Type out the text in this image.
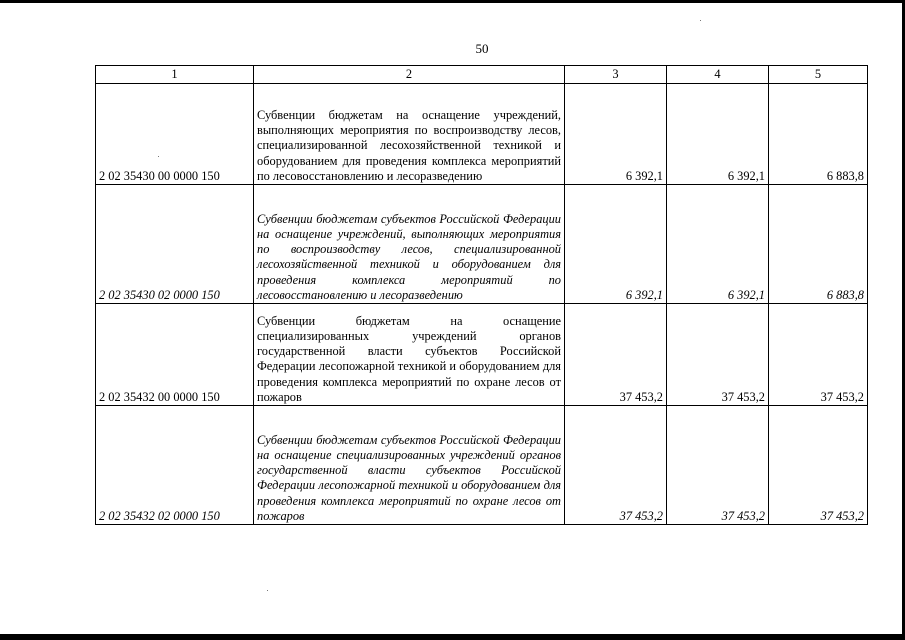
50
1	2	3	4	5
2 02 35430 00 0000 150	Субвенции бюджетам на оснащение учреждений, выполняющих мероприятия по воспроизводству лесов, специализированной лесохозяйственной техникой и оборудованием для проведения комплекса мероприятий по лесовосстановлению и лесоразведению	6 392,1	6 392,1	6 883,8
2 02 35430 02 0000 150	Субвенции бюджетам субъектов Российской Федерации на оснащение учреждений, выполняющих мероприятия по воспроизводству лесов, специализированной лесохозяйственной техникой и оборудованием для проведения комплекса мероприятий по лесовосстановлению и лесоразведению	6 392,1	6 392,1	6 883,8
2 02 35432 00 0000 150	Субвенции бюджетам на оснащение специализированных учреждений органов государственной власти субъектов Российской Федерации лесопожарной техникой и оборудованием для проведения комплекса мероприятий по охране лесов от пожаров	37 453,2	37 453,2	37 453,2
2 02 35432 02 0000 150	Субвенции бюджетам субъектов Российской Федерации на оснащение специализированных учреждений органов государственной власти субъектов Российской Федерации лесопожарной техникой и оборудованием для проведения комплекса мероприятий по охране лесов от пожаров	37 453,2	37 453,2	37 453,2
